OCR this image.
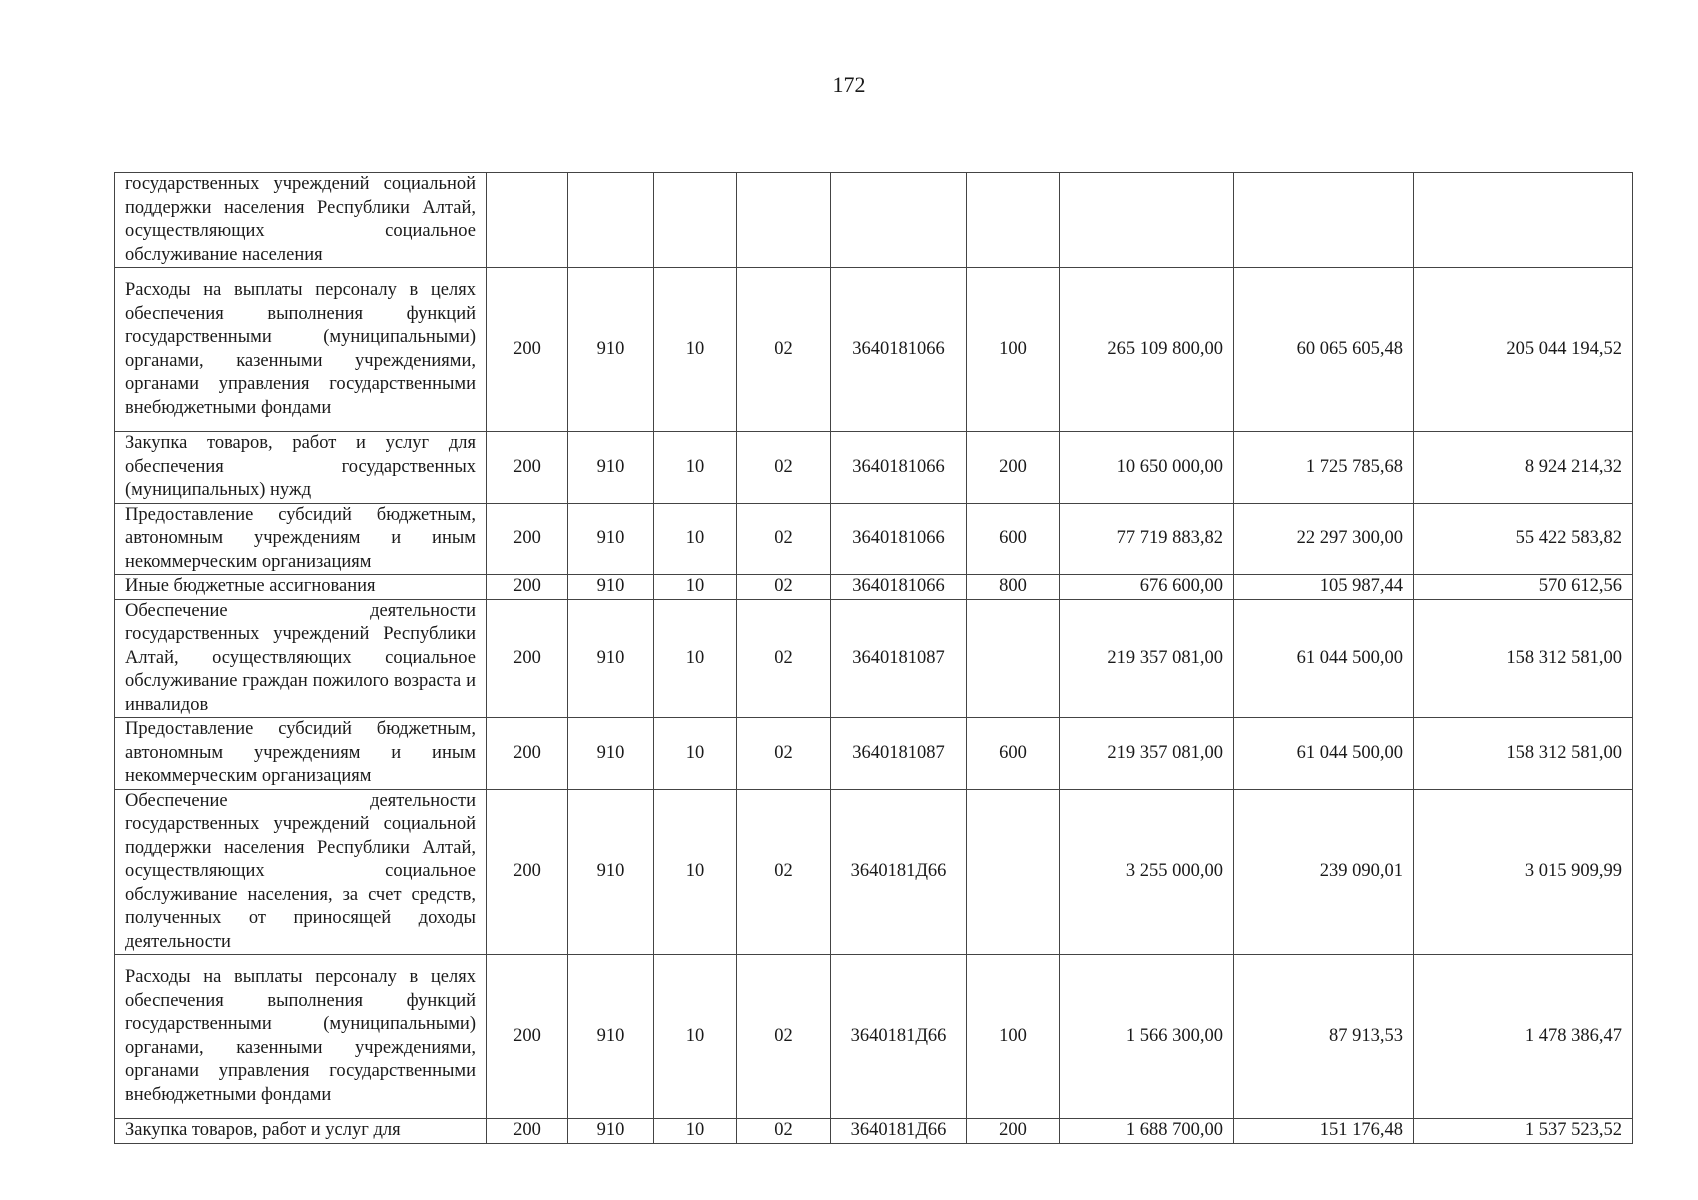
172
государственных учреждений социальной поддержки населения Республики Алтай, осуществляющих социальное обслуживание населения									
Расходы на выплаты персоналу в целях обеспечения выполнения функций государственными (муниципальными) органами, казенными учреждениями, органами управления государственными внебюджетными фондами	200	910	10	02	3640181066	100	265 109 800,00	60 065 605,48	205 044 194,52
Закупка товаров, работ и услуг для обеспечения государственных (муниципальных) нужд	200	910	10	02	3640181066	200	10 650 000,00	1 725 785,68	8 924 214,32
Предоставление субсидий бюджетным, автономным учреждениям и иным некоммерческим организациям	200	910	10	02	3640181066	600	77 719 883,82	22 297 300,00	55 422 583,82
Иные бюджетные ассигнования	200	910	10	02	3640181066	800	676 600,00	105 987,44	570 612,56
Обеспечение деятельности государственных учреждений Республики Алтай, осуществляющих социальное обслуживание граждан пожилого возраста и инвалидов	200	910	10	02	3640181087		219 357 081,00	61 044 500,00	158 312 581,00
Предоставление субсидий бюджетным, автономным учреждениям и иным некоммерческим организациям	200	910	10	02	3640181087	600	219 357 081,00	61 044 500,00	158 312 581,00
Обеспечение деятельности государственных учреждений социальной поддержки населения Республики Алтай, осуществляющих социальное обслуживание населения, за счет средств, полученных от приносящей доходы деятельности	200	910	10	02	3640181Д66		3 255 000,00	239 090,01	3 015 909,99
Расходы на выплаты персоналу в целях обеспечения выполнения функций государственными (муниципальными) органами, казенными учреждениями, органами управления государственными внебюджетными фондами	200	910	10	02	3640181Д66	100	1 566 300,00	87 913,53	1 478 386,47
Закупка товаров, работ и услуг для	200	910	10	02	3640181Д66	200	1 688 700,00	151 176,48	1 537 523,52
